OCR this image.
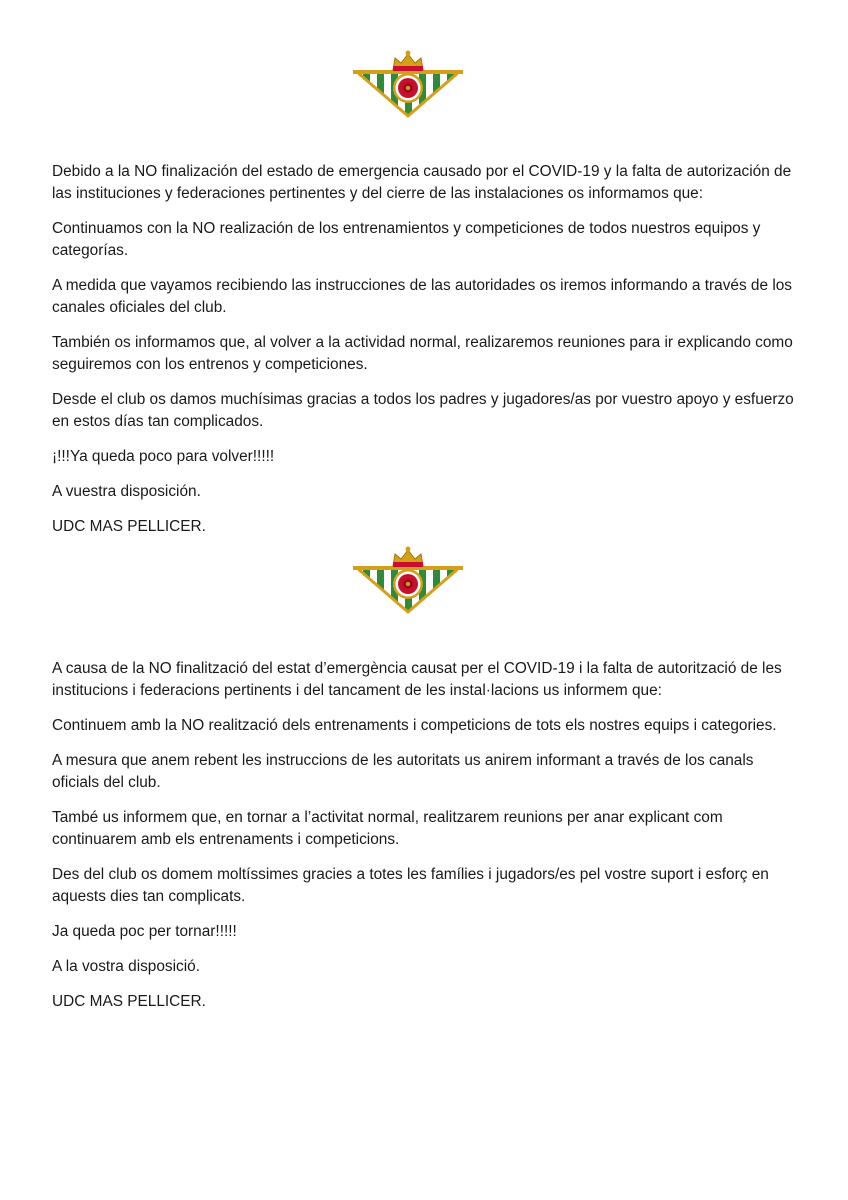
Debido a la NO finalización del estado de emergencia causado por el COVID-19 y la falta de autorización de las instituciones y federaciones pertinentes y del cierre de las instalaciones os informamos que:

Continuamos con la NO realización de los entrenamientos y competiciones de todos nuestros equipos y categorías.

A medida que vayamos recibiendo las instrucciones de las autoridades os iremos informando a través de los canales oficiales del club.

También os informamos que, al volver a la actividad normal, realizaremos reuniones para ir explicando como seguiremos con los entrenos y competiciones.

Desde el club os damos muchísimas gracias a todos los padres y jugadores/as por vuestro apoyo y esfuerzo en estos días tan complicados.

¡!!!Ya queda poco para volver!!!!!

A vuestra disposición.

UDC MAS PELLICER.

A causa de la NO finalització del estat d’emergència causat per el COVID-19 i la falta de autorització de les institucions i federacions pertinents i del tancament de les instal·lacions us informem que:

Continuem amb la NO realització dels entrenaments i competicions de tots els nostres equips i categories.

A mesura que anem rebent les instruccions de les autoritats us anirem informant a través de los canals oficials del club.

També us informem que, en tornar a l’activitat normal, realitzarem reunions per anar explicant com continuarem amb els entrenaments i competicions.

Des del club os domem moltíssimes gracies a totes les famílies i jugadors/es pel vostre suport i esforç en aquests dies tan complicats.

Ja queda poc per tornar!!!!!

A la vostra disposició.

UDC MAS PELLICER.
